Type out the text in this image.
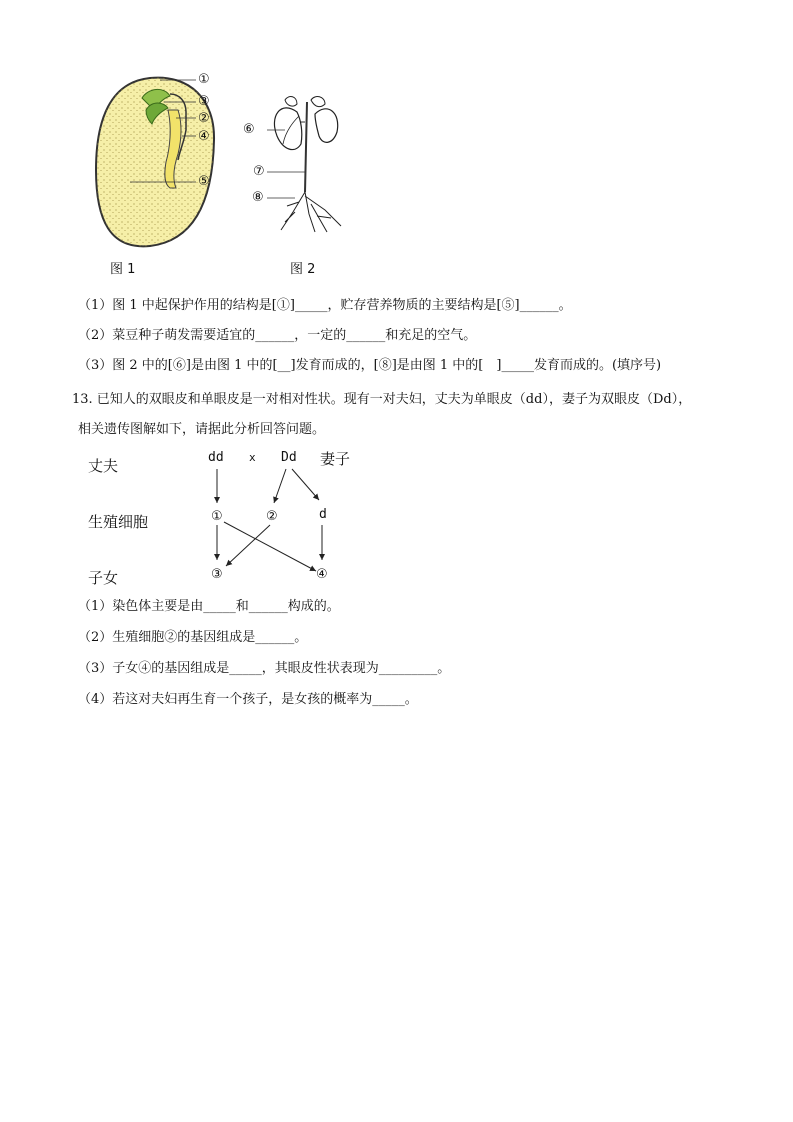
①
③
②
④
⑤
图 1
⑥
⑦
⑧
图 2
（1）图 1 中起保护作用的结构是[①]_____，贮存营养物质的主要结构是[⑤]______。
（2）菜豆种子萌发需要适宜的______，一定的______和充足的空气。
（3）图 2 中的[⑥]是由图 1 中的[__]发育而成的，[⑧]是由图 1 中的[　]_____发育而成的。(填序号)
13. 已知人的双眼皮和单眼皮是一对相对性状。现有一对夫妇，丈夫为单眼皮（dd），妻子为双眼皮（Dd），
相关遗传图解如下，请据此分析回答问题。
丈夫
生殖细胞
子女
dd x Dd 妻子
①	②	d
③	④
（1）染色体主要是由_____和______构成的。
（2）生殖细胞②的基因组成是______。
（3）子女④的基因组成是_____，其眼皮性状表现为_________。
（4）若这对夫妇再生育一个孩子，是女孩的概率为_____。
